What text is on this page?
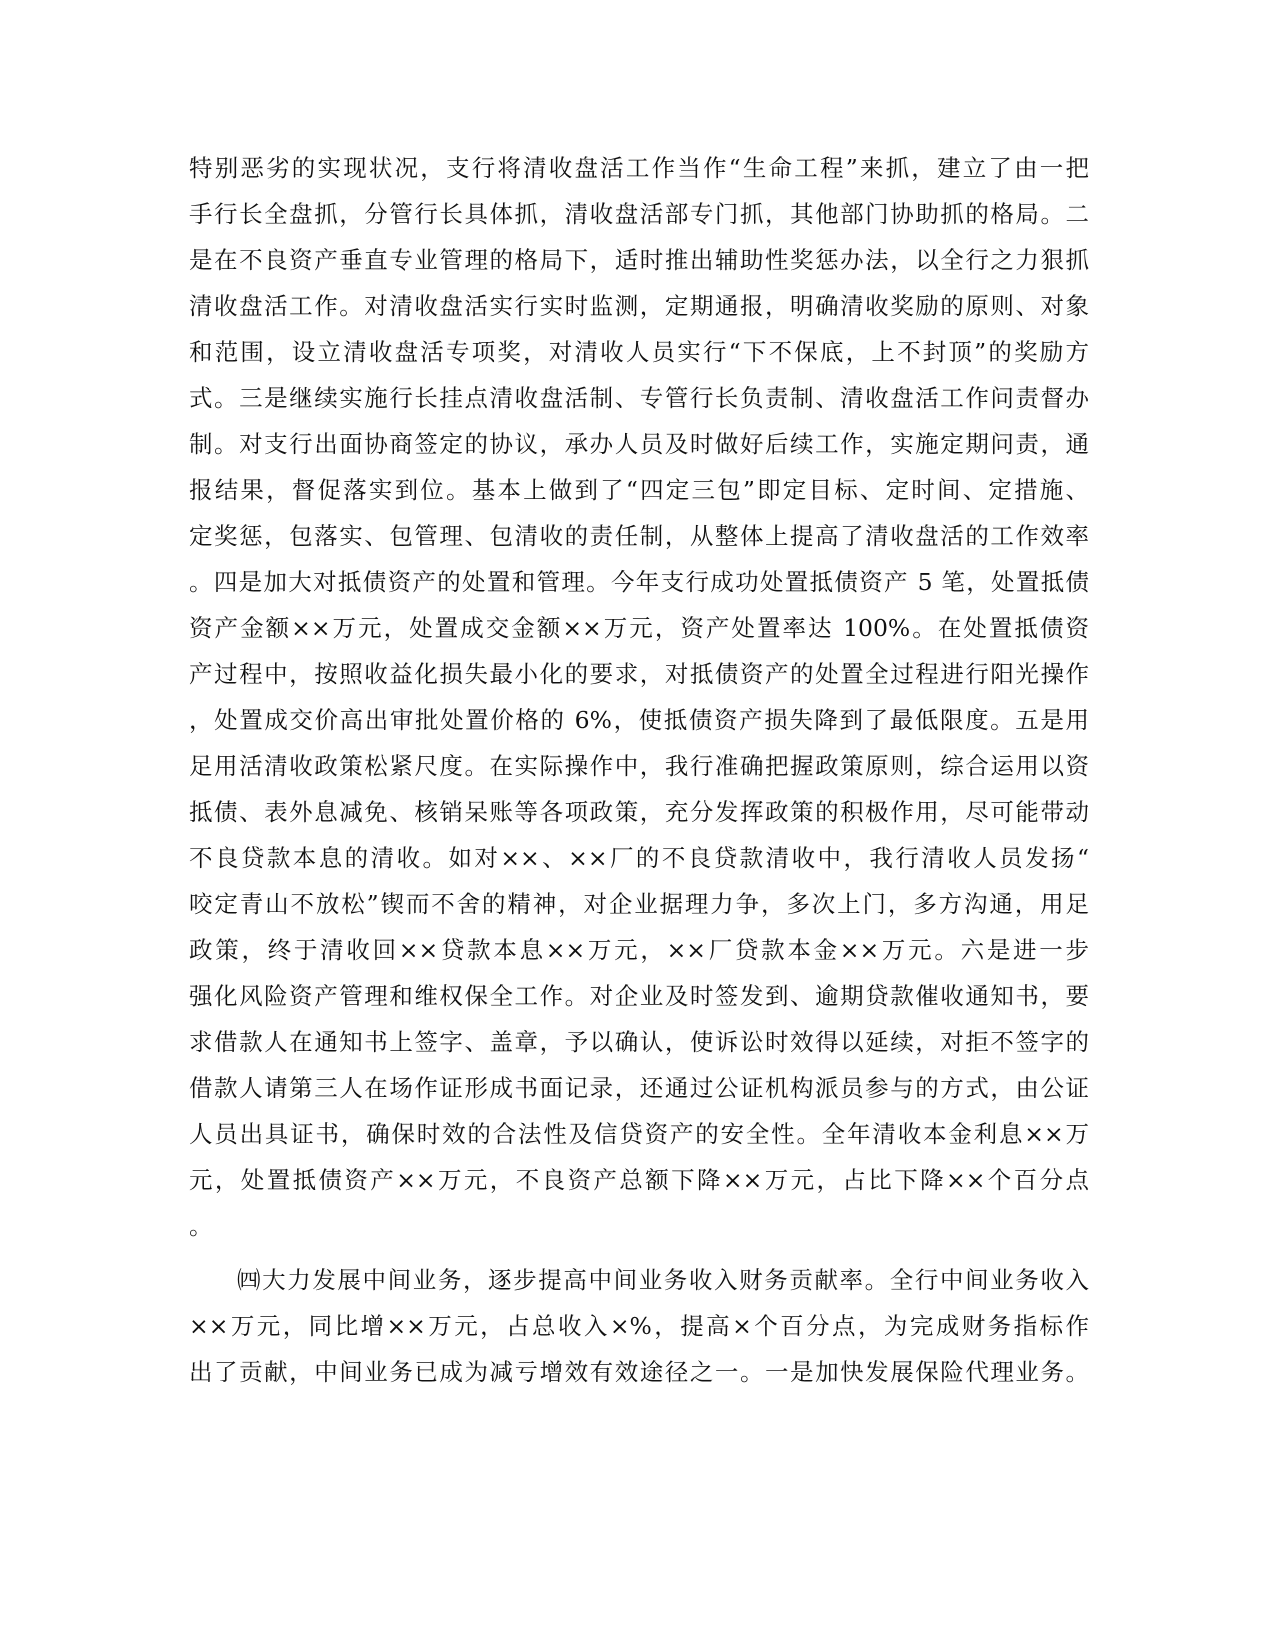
特别恶劣的实现状况，支行将清收盘活工作当作“生命工程”来抓，建立了由一把
手行长全盘抓，分管行长具体抓，清收盘活部专门抓，其他部门协助抓的格局。二
是在不良资产垂直专业管理的格局下，适时推出辅助性奖惩办法，以全行之力狠抓
清收盘活工作。对清收盘活实行实时监测，定期通报，明确清收奖励的原则、对象
和范围，设立清收盘活专项奖，对清收人员实行“下不保底，上不封顶”的奖励方
式。三是继续实施行长挂点清收盘活制、专管行长负责制、清收盘活工作问责督办
制。对支行出面协商签定的协议，承办人员及时做好后续工作，实施定期问责，通
报结果，督促落实到位。基本上做到了“四定三包”即定目标、定时间、定措施、
定奖惩，包落实、包管理、包清收的责任制，从整体上提高了清收盘活的工作效率
。四是加大对抵债资产的处置和管理。今年支行成功处置抵债资产 5 笔，处置抵债
资产金额××万元，处置成交金额××万元，资产处置率达 100%。在处置抵债资
产过程中，按照收益化损失最小化的要求，对抵债资产的处置全过程进行阳光操作
，处置成交价高出审批处置价格的 6%，使抵债资产损失降到了最低限度。五是用
足用活清收政策松紧尺度。在实际操作中，我行准确把握政策原则，综合运用以资
抵债、表外息减免、核销呆账等各项政策，充分发挥政策的积极作用，尽可能带动
不良贷款本息的清收。如对××、××厂的不良贷款清收中，我行清收人员发扬“
咬定青山不放松”锲而不舍的精神，对企业据理力争，多次上门，多方沟通，用足
政策，终于清收回××贷款本息××万元，××厂贷款本金××万元。六是进一步
强化风险资产管理和维权保全工作。对企业及时签发到、逾期贷款催收通知书，要
求借款人在通知书上签字、盖章，予以确认，使诉讼时效得以延续，对拒不签字的
借款人请第三人在场作证形成书面记录，还通过公证机构派员参与的方式，由公证
人员出具证书，确保时效的合法性及信贷资产的安全性。全年清收本金利息××万
元，处置抵债资产××万元，不良资产总额下降××万元，占比下降××个百分点
。
㈣大力发展中间业务，逐步提高中间业务收入财务贡献率。全行中间业务收入
××万元，同比增××万元，占总收入×%，提高×个百分点，为完成财务指标作
出了贡献，中间业务已成为减亏增效有效途径之一。一是加快发展保险代理业务。
